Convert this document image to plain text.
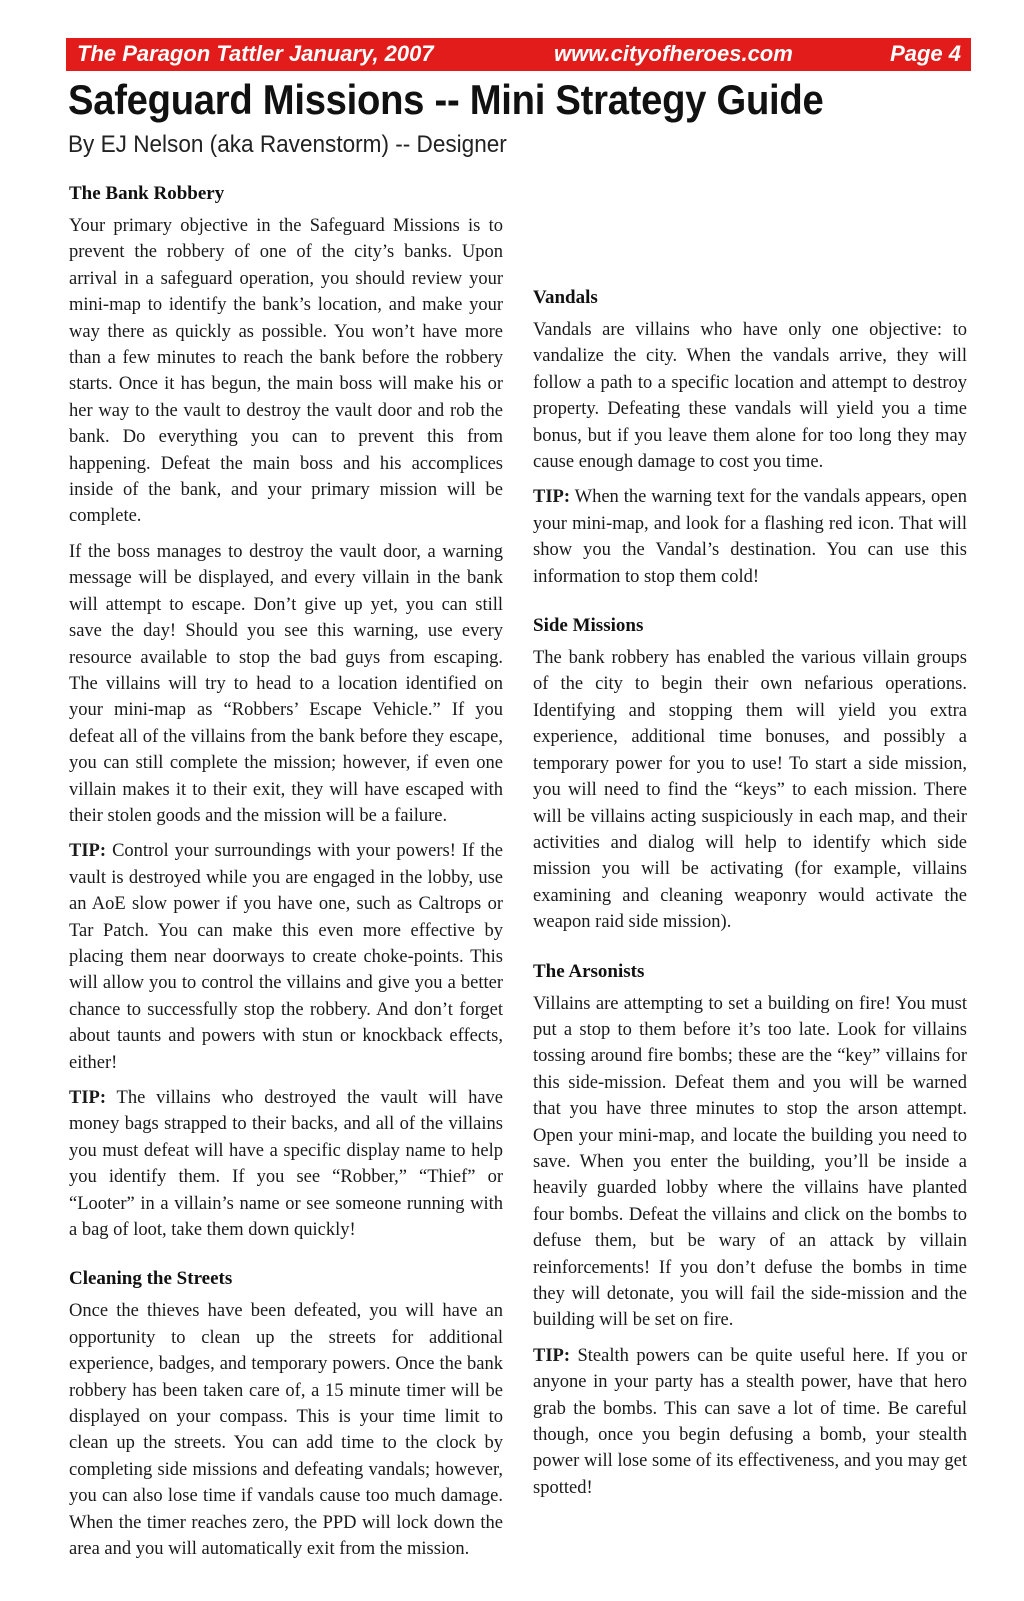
The Paragon Tattler January, 2007	www.cityofheroes.com	Page 4
Safeguard Missions -- Mini Strategy Guide
By EJ Nelson (aka Ravenstorm) -- Designer
The Bank Robbery

Your primary objective in the Safeguard Missions is to prevent the robbery of one of the city’s banks. Upon arrival in a safeguard operation, you should review your mini-map to identify the bank’s location, and make your way there as quickly as possible. You won’t have more than a few minutes to reach the bank before the robbery starts. Once it has begun, the main boss will make his or her way to the vault to destroy the vault door and rob the bank. Do everything you can to prevent this from happening. Defeat the main boss and his accomplices inside of the bank, and your primary mission will be complete.

If the boss manages to destroy the vault door, a warning message will be displayed, and every villain in the bank will attempt to escape. Don’t give up yet, you can still save the day! Should you see this warning, use every resource available to stop the bad guys from escaping. The villains will try to head to a location identified on your mini-map as “Robbers’ Escape Vehicle.” If you defeat all of the villains from the bank before they escape, you can still complete the mission; however, if even one villain makes it to their exit, they will have escaped with their stolen goods and the mission will be a failure.

TIP: Control your surroundings with your powers! If the vault is destroyed while you are engaged in the lobby, use an AoE slow power if you have one, such as Caltrops or Tar Patch. You can make this even more effective by placing them near doorways to create choke-points. This will allow you to control the villains and give you a better chance to successfully stop the robbery. And don’t forget about taunts and powers with stun or knockback effects, either!

TIP: The villains who destroyed the vault will have money bags strapped to their backs, and all of the villains you must defeat will have a specific display name to help you identify them. If you see “Robber,” “Thief” or “Looter” in a villain’s name or see someone running with a bag of loot, take them down quickly!

Cleaning the Streets

Once the thieves have been defeated, you will have an opportunity to clean up the streets for additional experience, badges, and temporary powers. Once the bank robbery has been taken care of, a 15 minute timer will be displayed on your compass. This is your time limit to clean up the streets. You can add time to the clock by completing side missions and defeating vandals; however, you can also lose time if vandals cause too much damage. When the timer reaches zero, the PPD will lock down the area and you will automatically exit from the mission.

Vandals

Vandals are villains who have only one objective: to vandalize the city. When the vandals arrive, they will follow a path to a specific location and attempt to destroy property. Defeating these vandals will yield you a time bonus, but if you leave them alone for too long they may cause enough damage to cost you time.

TIP: When the warning text for the vandals appears, open your mini-map, and look for a flashing red icon. That will show you the Vandal’s destination. You can use this information to stop them cold!

Side Missions

The bank robbery has enabled the various villain groups of the city to begin their own nefarious operations. Identifying and stopping them will yield you extra experience, additional time bonuses, and possibly a temporary power for you to use! To start a side mission, you will need to find the “keys” to each mission. There will be villains acting suspiciously in each map, and their activities and dialog will help to identify which side mission you will be activating (for example, villains examining and cleaning weaponry would activate the weapon raid side mission).

The Arsonists

Villains are attempting to set a building on fire! You must put a stop to them before it’s too late. Look for villains tossing around fire bombs; these are the “key” villains for this side-mission. Defeat them and you will be warned that you have three minutes to stop the arson attempt. Open your mini-map, and locate the building you need to save. When you enter the building, you’ll be inside a heavily guarded lobby where the villains have planted four bombs. Defeat the villains and click on the bombs to defuse them, but be wary of an attack by villain reinforcements! If you don’t defuse the bombs in time they will detonate, you will fail the side-mission and the building will be set on fire.

TIP: Stealth powers can be quite useful here. If you or anyone in your party has a stealth power, have that hero grab the bombs. This can save a lot of time. Be careful though, once you begin defusing a bomb, your stealth power will lose some of its effectiveness, and you may get spotted!
